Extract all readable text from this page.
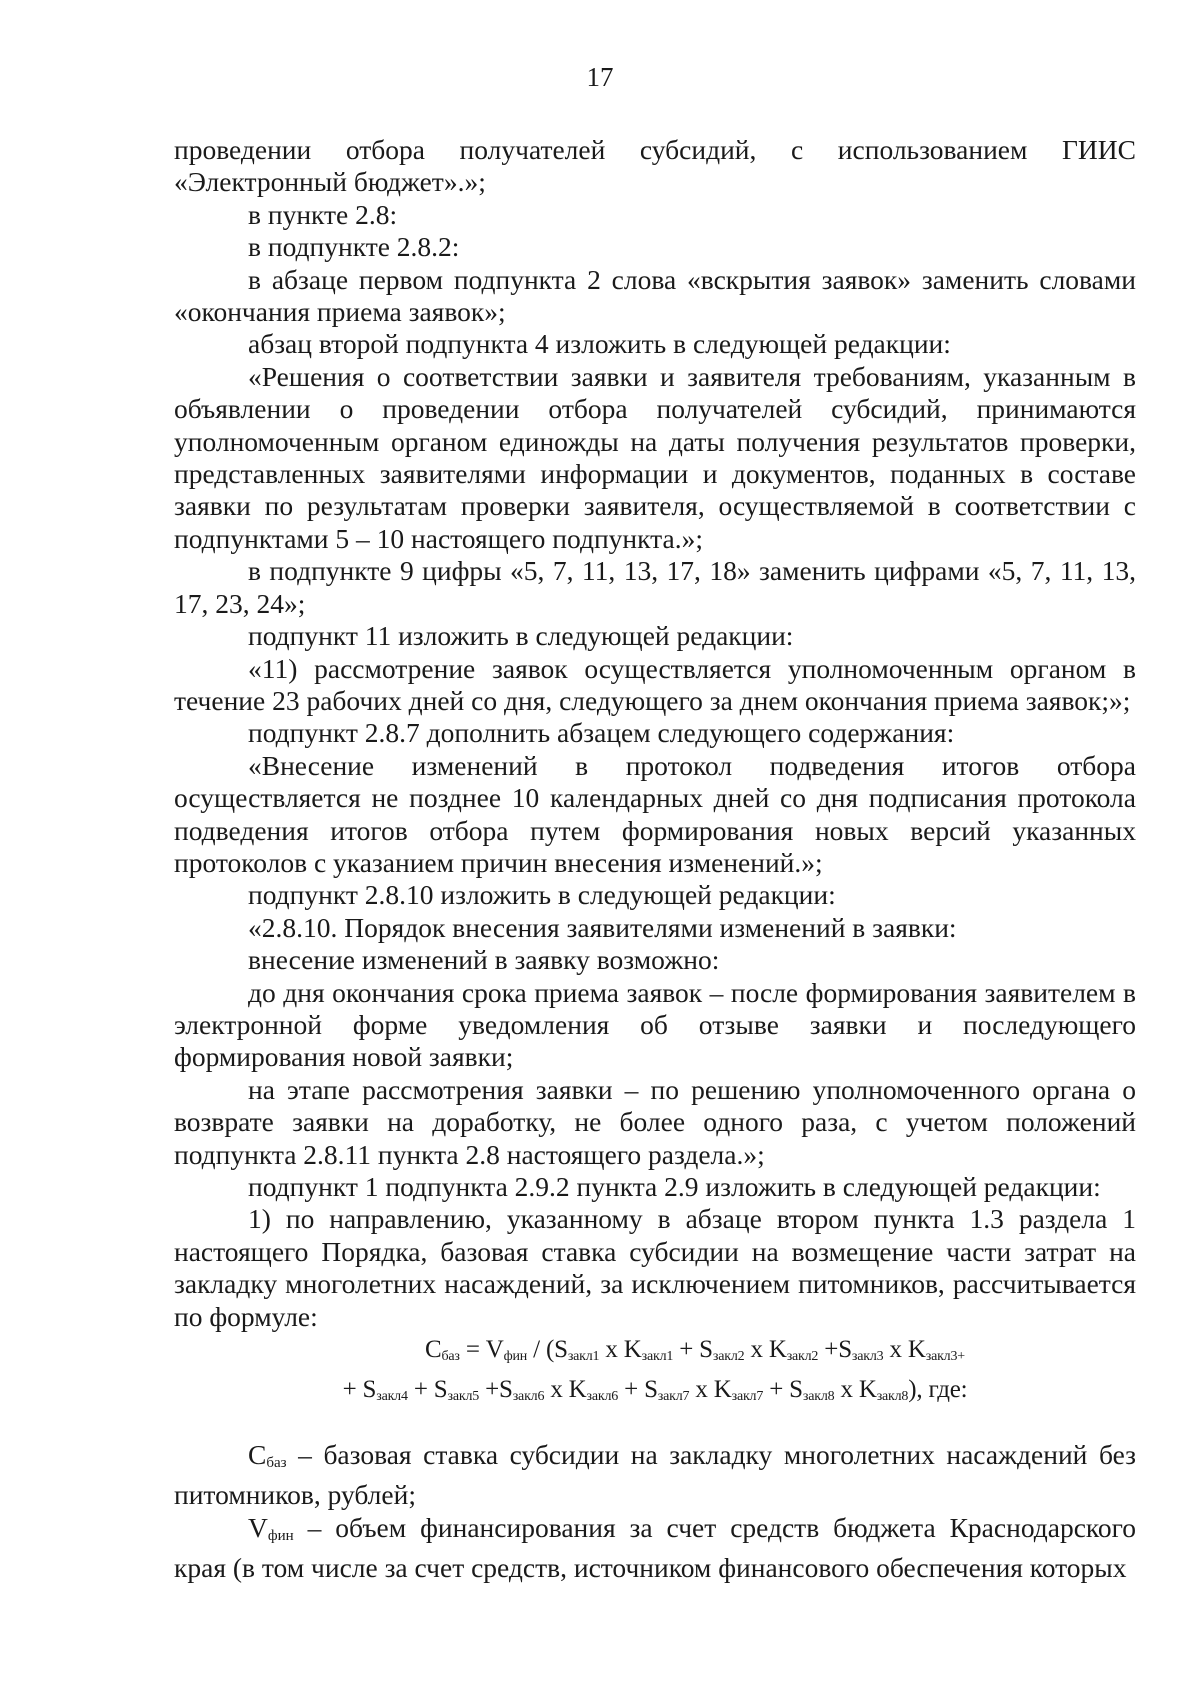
17

проведении отбора получателей субсидий, с использованием ГИИС «Электронный бюджет».»;

в пункте 2.8:

в подпункте 2.8.2:

в абзаце первом подпункта 2 слова «вскрытия заявок» заменить словами «окончания приема заявок»;

абзац второй подпункта 4 изложить в следующей редакции:

«Решения о соответствии заявки и заявителя требованиям, указанным в объявлении о проведении отбора получателей субсидий, принимаются уполномоченным органом единожды на даты получения результатов проверки, представленных заявителями информации и документов, поданных в составе заявки по результатам проверки заявителя, осуществляемой в соответствии с подпунктами 5 – 10 настоящего подпункта.»;

в подпункте 9 цифры «5, 7, 11, 13, 17, 18» заменить цифрами «5, 7, 11, 13, 17, 23, 24»;

подпункт 11 изложить в следующей редакции:

«11) рассмотрение заявок осуществляется уполномоченным органом в течение 23 рабочих дней со дня, следующего за днем окончания приема заявок;»;

подпункт 2.8.7 дополнить абзацем следующего содержания:

«Внесение изменений в протокол подведения итогов отбора осуществляется не позднее 10 календарных дней со дня подписания протокола подведения итогов отбора путем формирования новых версий указанных протоколов с указанием причин внесения изменений.»;

подпункт 2.8.10 изложить в следующей редакции:

«2.8.10. Порядок внесения заявителями изменений в заявки:

внесение изменений в заявку возможно:

до дня окончания срока приема заявок – после формирования заявителем в электронной форме уведомления об отзыве заявки и последующего формирования новой заявки;

на этапе рассмотрения заявки – по решению уполномоченного органа о возврате заявки на доработку, не более одного раза, с учетом положений подпункта 2.8.11 пункта 2.8 настоящего раздела.»;

подпункт 1 подпункта 2.9.2 пункта 2.9 изложить в следующей редакции:

1) по направлению, указанному в абзаце втором пункта 1.3 раздела 1 настоящего Порядка, базовая ставка субсидии на возмещение части затрат на закладку многолетних насаждений, за исключением питомников, рассчитывается по формуле:

$C_{баз} = V_{фин} / (S_{закл1}$ x $K_{закл1} + S_{закл2}$ x $K_{закл2} +S_{закл3}$ x $K_{закл3+}$
+ $S_{закл4} + S_{закл5} +S_{закл6}$ x $K_{закл6} + S_{закл7}$ x $K_{закл7} + S_{закл8}$ x $K_{закл8}$), где:

$C_{баз}$ – базовая ставка субсидии на закладку многолетних насаждений без питомников, рублей;

$V_{фин}$ – объем финансирования за счет средств бюджета Краснодарского края (в том числе за счет средств, источником финансового обеспечения которых
